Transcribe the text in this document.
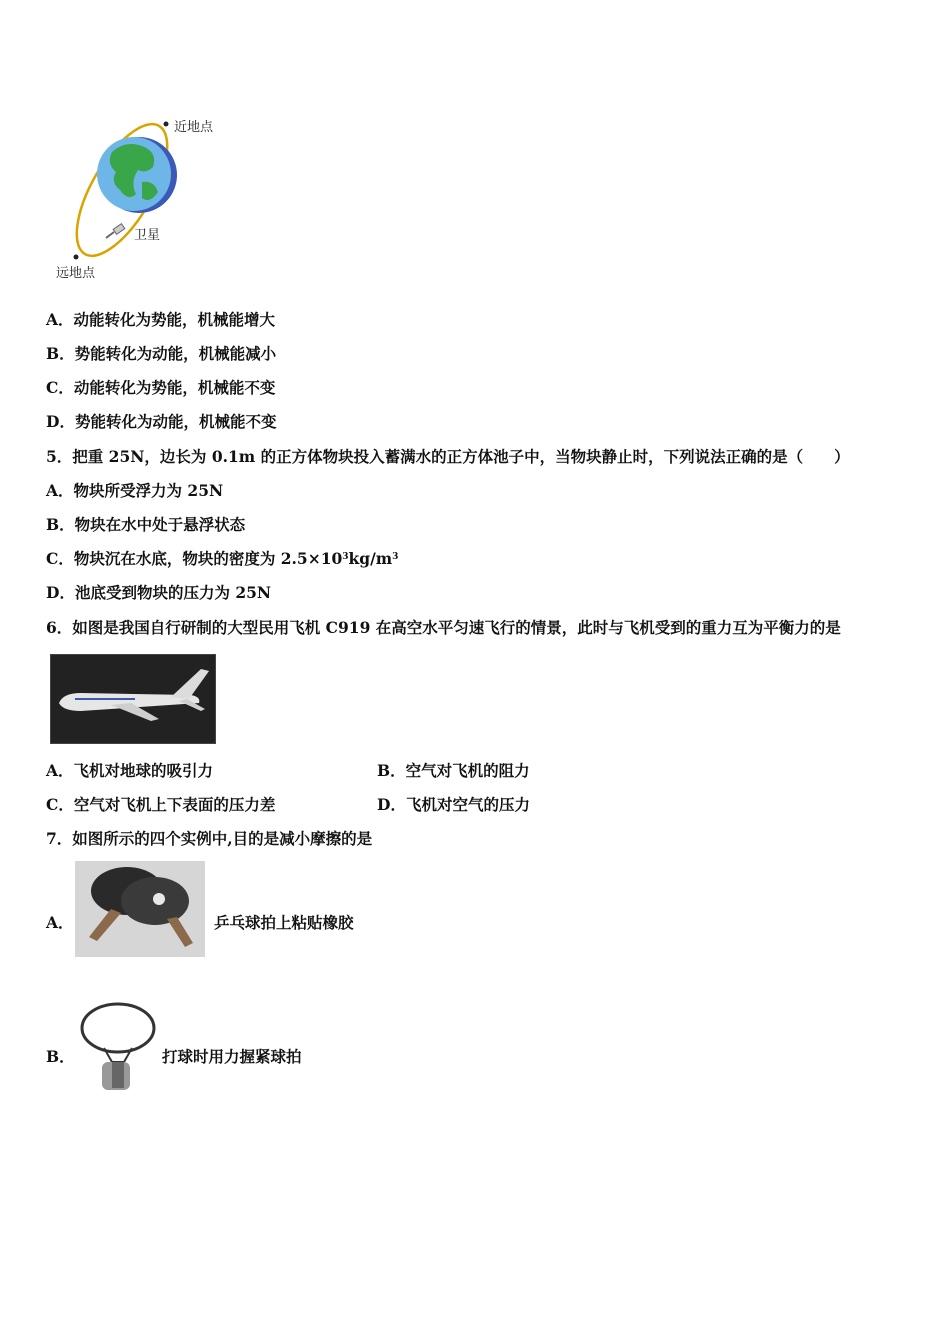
近地点
卫星
远地点
A．动能转化为势能，机械能增大
B．势能转化为动能，机械能减小
C．动能转化为势能，机械能不变
D．势能转化为动能，机械能不变
5．把重 25N，边长为 0.1m 的正方体物块投入蓄满水的正方体池子中，当物块静止时，下列说法正确的是（　　）
A．物块所受浮力为 25N
B．物块在水中处于悬浮状态
C．物块沉在水底，物块的密度为 $2.5\times 10^3kg/m^3$
D．池底受到物块的压力为 25N
6．如图是我国自行研制的大型民用飞机 C919 在高空水平匀速飞行的情景，此时与飞机受到的重力互为平衡力的是
A．飞机对地球的吸引力	B．空气对飞机的阻力
C．空气对飞机上下表面的压力差	D．飞机对空气的压力
7．如图所示的四个实例中,目的是减小摩擦的是
A．	乒乓球拍上粘贴橡胶
B．	打球时用力握紧球拍
